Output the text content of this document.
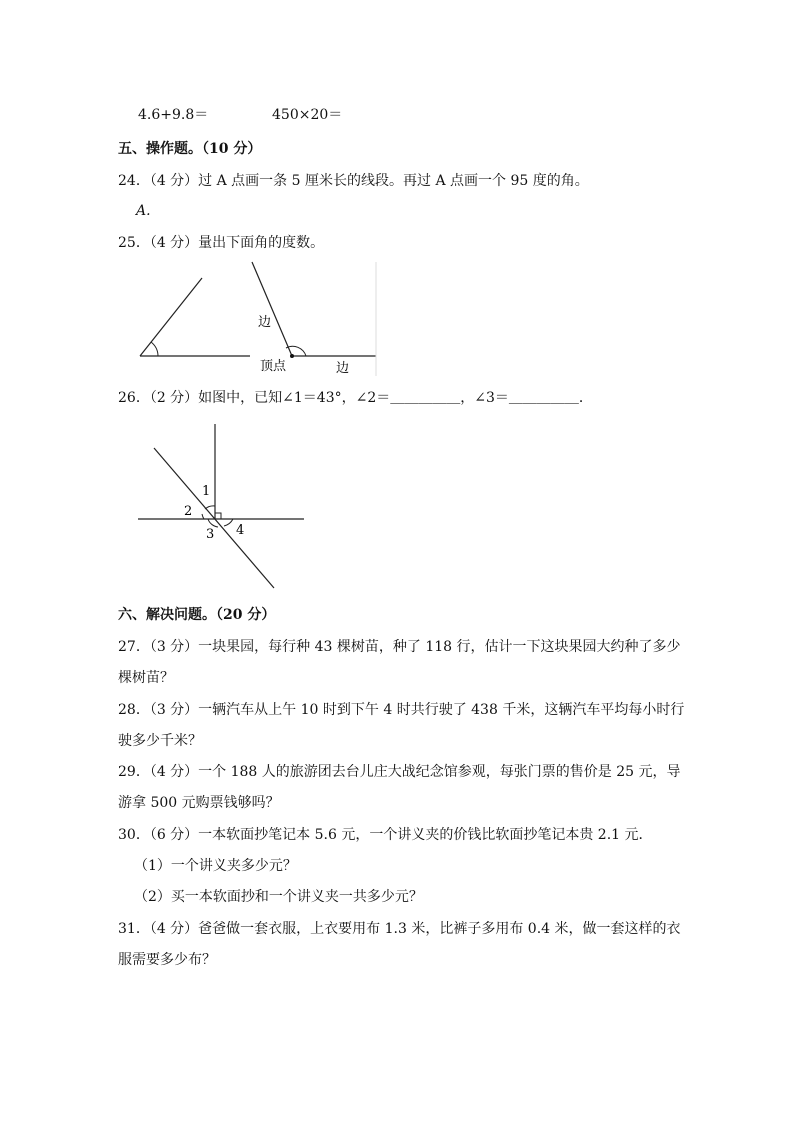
4.6+9.8＝	450×20＝
五、操作题。（10 分）
24．（4 分）过 A 点画一条 5 厘米长的线段。再过 A 点画一个 95 度的角。
A.
25．（4 分）量出下面角的度数。
边
顶点	边
26．（2 分）如图中，已知∠1＝43°，∠2＝＿＿＿＿＿，∠3＝＿＿＿＿＿．
1
2
3 4
六、解决问题。（20 分）
27．（3 分）一块果园，每行种 43 棵树苗，种了 118 行，估计一下这块果园大约种了多少
棵树苗？
28．（3 分）一辆汽车从上午 10 时到下午 4 时共行驶了 438 千米，这辆汽车平均每小时行
驶多少千米？
29．（4 分）一个 188 人的旅游团去台儿庄大战纪念馆参观，每张门票的售价是 25 元，导
游拿 500 元购票钱够吗？
30．（6 分）一本软面抄笔记本 5.6 元，一个讲义夹的价钱比软面抄笔记本贵 2.1 元．
（1）一个讲义夹多少元？
（2）买一本软面抄和一个讲义夹一共多少元？
31．（4 分）爸爸做一套衣服，上衣要用布 1.3 米，比裤子多用布 0.4 米，做一套这样的衣
服需要多少布？
